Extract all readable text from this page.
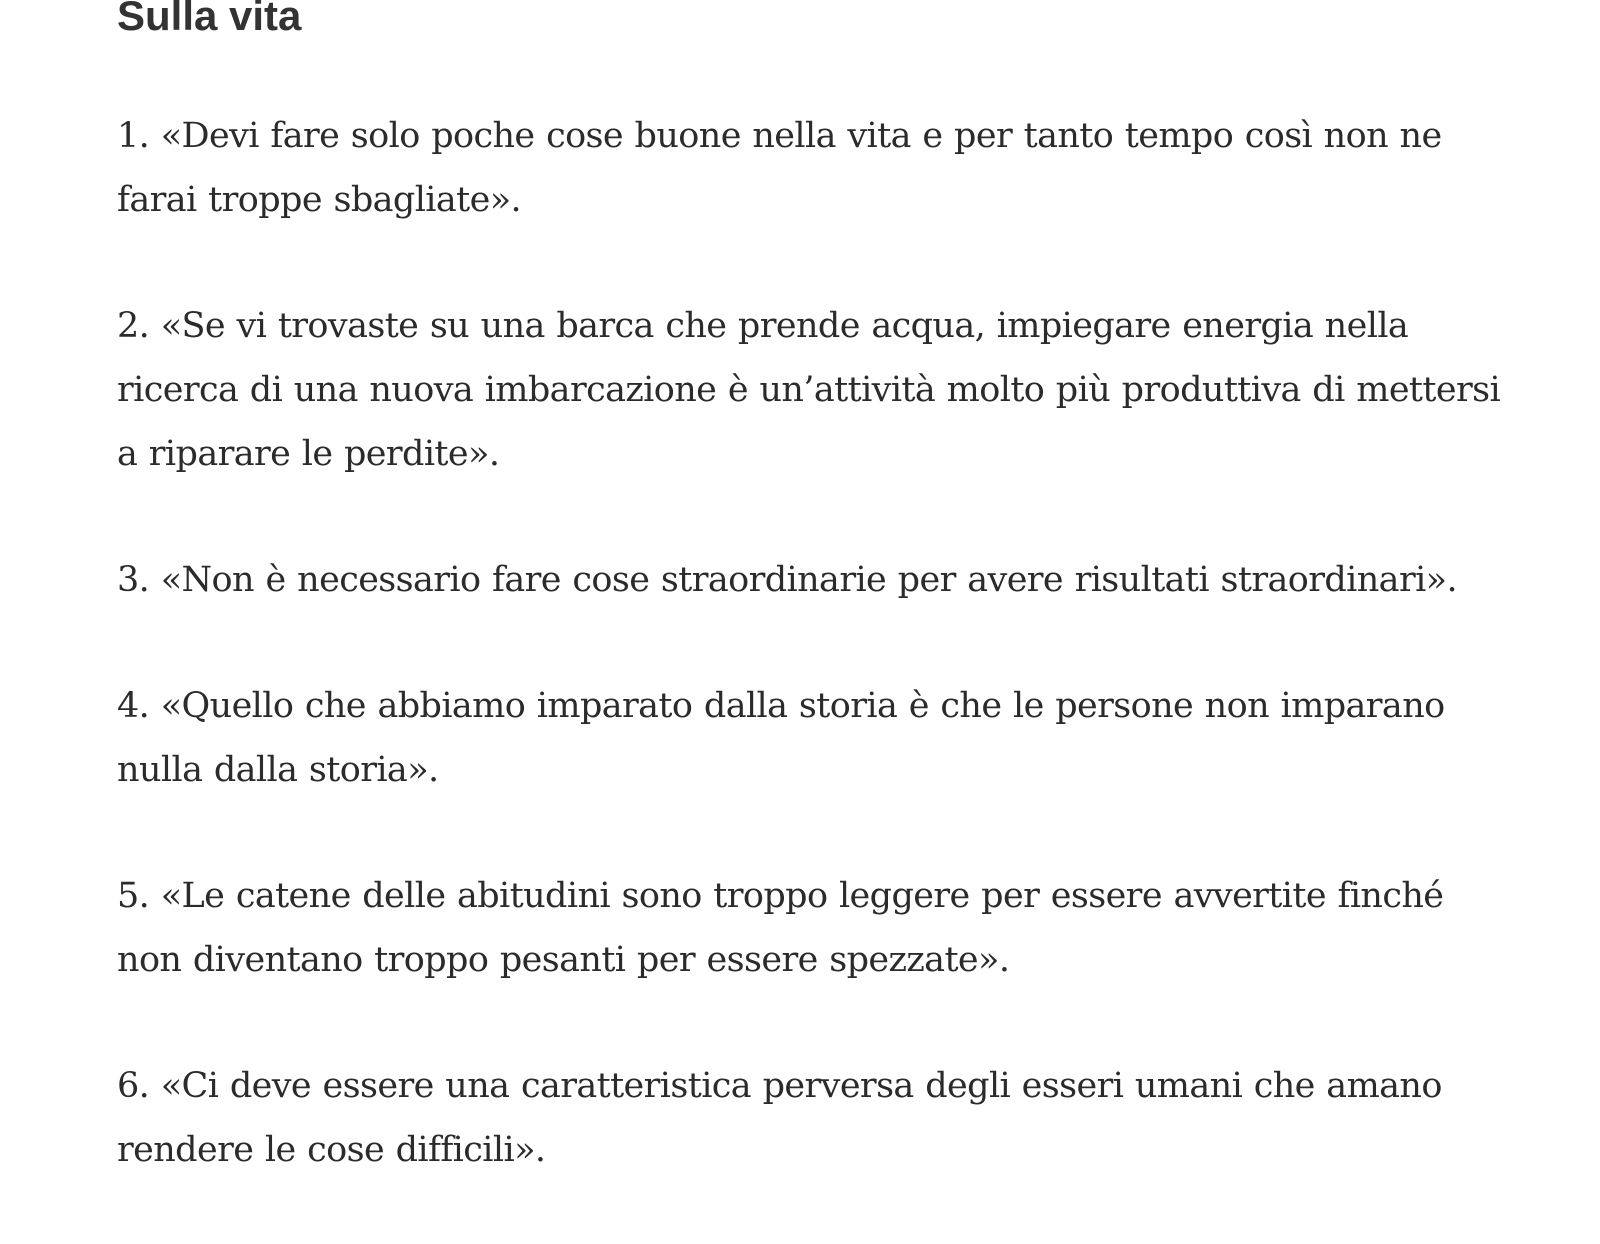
Sulla vita

1. «Devi fare solo poche cose buone nella vita e per tanto tempo così non ne farai troppe sbagliate».

2. «Se vi trovaste su una barca che prende acqua, impiegare energia nella ricerca di una nuova imbarcazione è un’attività molto più produttiva di mettersi a riparare le perdite».

3. «Non è necessario fare cose straordinarie per avere risultati straordinari».

4. «Quello che abbiamo imparato dalla storia è che le persone non imparano nulla dalla storia».

5. «Le catene delle abitudini sono troppo leggere per essere avvertite finché non diventano troppo pesanti per essere spezzate».

6. «Ci deve essere una caratteristica perversa degli esseri umani che amano rendere le cose difficili».
